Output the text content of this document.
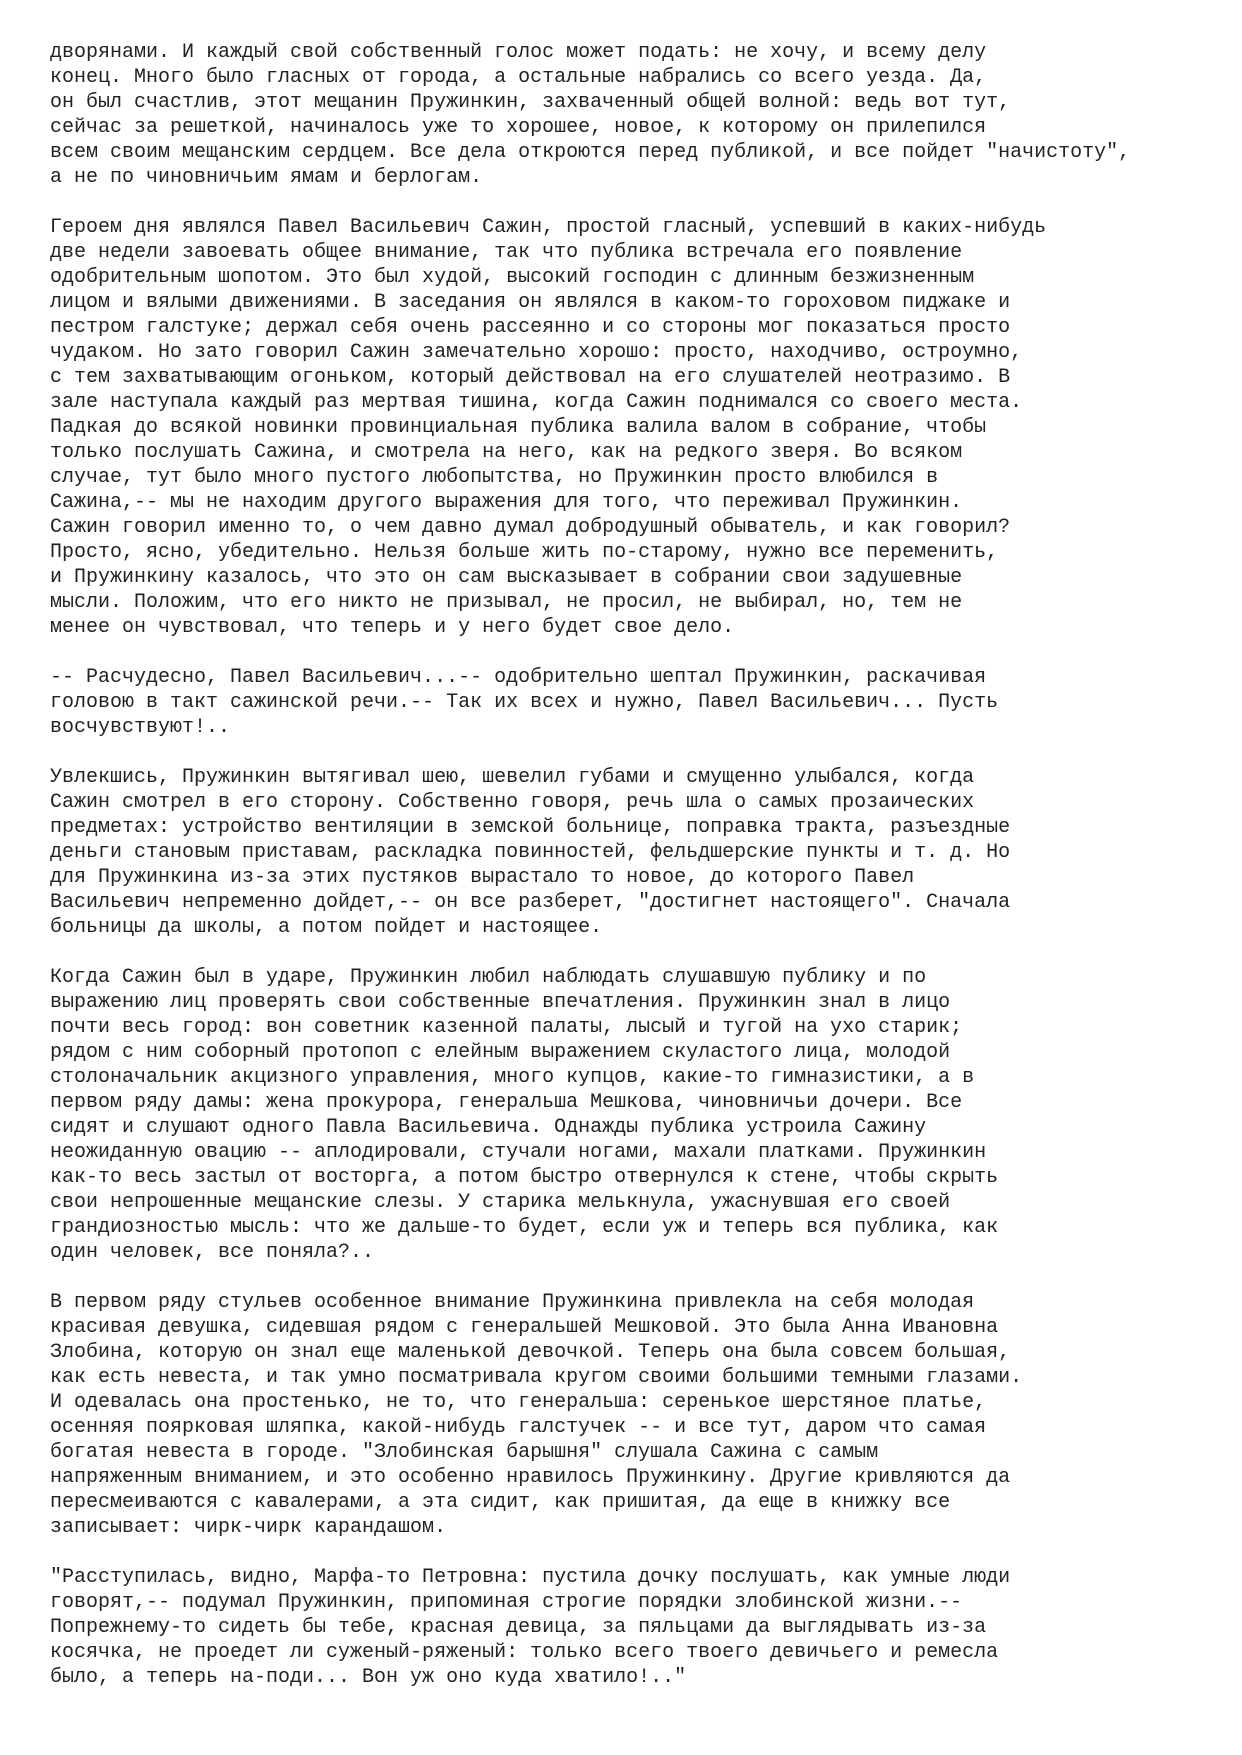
дворянами. И каждый свой собственный голос может подать: не хочу, и всему делу
конец. Много было гласных от города, а остальные набрались со всего уезда. Да,
он был счастлив, этот мещанин Пружинкин, захваченный общей волной: ведь вот тут,
сейчас за решеткой, начиналось уже то хорошее, новое, к которому он прилепился
всем своим мещанским сердцем. Все дела откроются перед публикой, и все пойдет "начистоту",
а не по чиновничьим ямам и берлогам.
Героем дня являлся Павел Васильевич Сажин, простой гласный, успевший в каких-нибудь
две недели завоевать общее внимание, так что публика встречала его появление
одобрительным шопотом. Это был худой, высокий господин с длинным безжизненным
лицом и вялыми движениями. В заседания он являлся в каком-то гороховом пиджаке и
пестром галстуке; держал себя очень рассеянно и со стороны мог показаться просто
чудаком. Но зато говорил Сажин замечательно хорошо: просто, находчиво, остроумно,
с тем захватывающим огоньком, который действовал на его слушателей неотразимо. В
зале наступала каждый раз мертвая тишина, когда Сажин поднимался со своего места.
Падкая до всякой новинки провинциальная публика валила валом в собрание, чтобы
только послушать Сажина, и смотрела на него, как на редкого зверя. Во всяком
случае, тут было много пустого любопытства, но Пружинкин просто влюбился в
Сажина,-- мы не находим другого выражения для того, что переживал Пружинкин.
Сажин говорил именно то, о чем давно думал добродушный обыватель, и как говорил?
Просто, ясно, убедительно. Нельзя больше жить по-старому, нужно все переменить,
и Пружинкину казалось, что это он сам высказывает в собрании свои задушевные
мысли. Положим, что его никто не призывал, не просил, не выбирал, но, тем не
менее он чувствовал, что теперь и у него будет свое дело.
-- Расчудесно, Павел Васильевич...-- одобрительно шептал Пружинкин, раскачивая
головою в такт сажинской речи.-- Так их всех и нужно, Павел Васильевич... Пусть
восчувствуют!..
Увлекшись, Пружинкин вытягивал шею, шевелил губами и смущенно улыбался, когда
Сажин смотрел в его сторону. Собственно говоря, речь шла о самых прозаических
предметах: устройство вентиляции в земской больнице, поправка тракта, разъездные
деньги становым приставам, раскладка повинностей, фельдшерские пункты и т. д. Но
для Пружинкина из-за этих пустяков вырастало то новое, до которого Павел
Васильевич непременно дойдет,-- он все разберет, "достигнет настоящего". Сначала
больницы да школы, а потом пойдет и настоящее.
Когда Сажин был в ударе, Пружинкин любил наблюдать слушавшую публику и по
выражению лиц проверять свои собственные впечатления. Пружинкин знал в лицо
почти весь город: вон советник казенной палаты, лысый и тугой на ухо старик;
рядом с ним соборный протопоп с елейным выражением скуластого лица, молодой
столоначальник акцизного управления, много купцов, какие-то гимназистики, а в
первом ряду дамы: жена прокурора, генеральша Мешкова, чиновничьи дочери. Все
сидят и слушают одного Павла Васильевича. Однажды публика устроила Сажину
неожиданную овацию -- аплодировали, стучали ногами, махали платками. Пружинкин
как-то весь застыл от восторга, а потом быстро отвернулся к стене, чтобы скрыть
свои непрошенные мещанские слезы. У старика мелькнула, ужаснувшая его своей
грандиозностью мысль: что же дальше-то будет, если уж и теперь вся публика, как
один человек, все поняла?..
В первом ряду стульев особенное внимание Пружинкина привлекла на себя молодая
красивая девушка, сидевшая рядом с генеральшей Мешковой. Это была Анна Ивановна
Злобина, которую он знал еще маленькой девочкой. Теперь она была совсем большая,
как есть невеста, и так умно посматривала кругом своими большими темными глазами.
И одевалась она простенько, не то, что генеральша: серенькое шерстяное платье,
осенняя поярковая шляпка, какой-нибудь галстучек -- и все тут, даром что самая
богатая невеста в городе. "Злобинская барышня" слушала Сажина с самым
напряженным вниманием, и это особенно нравилось Пружинкину. Другие кривляются да
пересмеиваются с кавалерами, а эта сидит, как пришитая, да еще в книжку все
записывает: чирк-чирк карандашом.
"Расступилась, видно, Марфа-то Петровна: пустила дочку послушать, как умные люди
говорят,-- подумал Пружинкин, припоминая строгие порядки злобинской жизни.--
Попрежнему-то сидеть бы тебе, красная девица, за пяльцами да выглядывать из-за
косячка, не проедет ли суженый-ряженый: только всего твоего девичьего и ремесла
было, а теперь на-поди... Вон уж оно куда хватило!.."
